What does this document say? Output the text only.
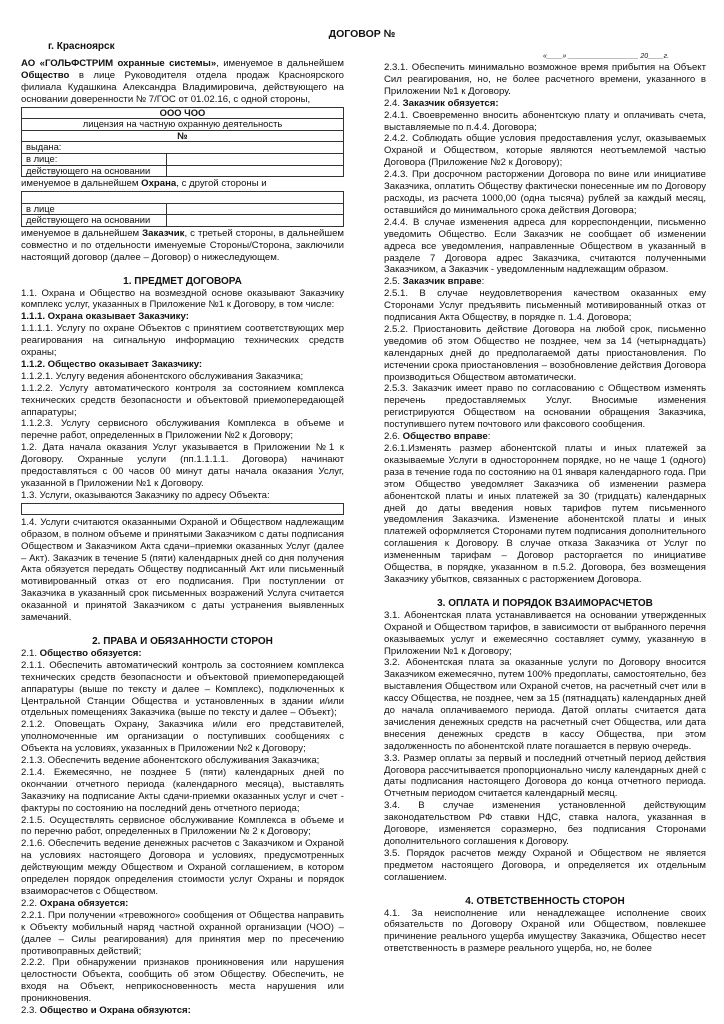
ДОГОВОР №
г. Красноярск
«____» __________________ 20____г.

АО «ГОЛЬФСТРИМ охранные системы», именуемое в дальнейшем Общество в лице Руководителя отдела продаж Красноярского филиала Кудашкина Александра Владимировича, действующего на основании доверенности № 7/ГОС от 01.02.16, с одной стороны,

ООО ЧОО	
лицензия на частную охранную деятельность	
№	
выдана:	
в лице:	
действующего на основании	

именуемое в дальнейшем Охрана, с другой стороны и

в лице	
действующего на основании	

именуемое в дальнейшем Заказчик, с третьей стороны, в дальнейшем совместно и по отдельности именуемые Стороны/Сторона, заключили настоящий договор (далее – Договор) о нижеследующем.

1. ПРЕДМЕТ ДОГОВОРА

1.1. Охрана и Общество на возмездной основе оказывают Заказчику комплекс услуг, указанных в Приложение №1 к Договору, в том числе:

1.1.1. Охрана оказывает Заказчику:

1.1.1.1. Услугу по охране Объектов с принятием соответствующих мер реагирования на сигнальную информацию технических средств охраны;

1.1.2. Общество оказывает Заказчику:

1.1.2.1. Услугу ведения абонентского обслуживания Заказчика;

1.1.2.2. Услугу автоматического контроля за состоянием комплекса технических средств безопасности и объектовой приемопередающей аппаратуры;

1.1.2.3. Услугу сервисного обслуживания Комплекса в объеме и перечне работ, определенных в Приложении №2 к Договору;

1.2. Дата начала оказания Услуг указывается в Приложении №1 к Договору. Охранные услуги (пп.1.1.1.1. Договора) начинают предоставляться с 00 часов 00 минут даты начала оказания Услуг, указанной в Приложении №1 к Договору.

1.3. Услуги, оказываются Заказчику по адресу Объекта:

1.4. Услуги считаются оказанными Охраной и Обществом надлежащим образом, в полном объеме и принятыми Заказчиком с даты подписания Обществом и Заказчиком Акта сдачи–приемки оказанных Услуг (далее – Акт). Заказчик в течение 5 (пяти) календарных дней со дня получения Акта обязуется передать Обществу подписанный Акт или письменный мотивированный отказ от его подписания. При поступлении от Заказчика в указанный срок письменных возражений Услуга считается оказанной и принятой Заказчиком с даты устранения выявленных замечаний.

2. ПРАВА И ОБЯЗАННОСТИ СТОРОН

2.1. Общество обязуется:

2.1.1. Обеспечить автоматический контроль за состоянием комплекса технических средств безопасности и объектовой приемопередающей аппаратуры (выше по тексту и далее – Комплекс), подключенных к Центральной Станции Общества и установленных в здании и/или отдельных помещениях Заказчика (выше по тексту и далее – Объект);

2.1.2. Оповещать Охрану, Заказчика и/или его представителей, уполномоченные им организации о поступивших сообщениях с Объекта на условиях, указанных в Приложении №2 к Договору;

2.1.3. Обеспечить ведение абонентского обслуживания Заказчика;

2.1.4. Ежемесячно, не позднее 5 (пяти) календарных дней по окончании отчетного периода (календарного месяца), выставлять Заказчику на подписание Акты сдачи-приемки оказанных услуг и счет - фактуры по состоянию на последний день отчетного периода;

2.1.5. Осуществлять сервисное обслуживание Комплекса в объеме и по перечню работ, определенных в Приложении № 2 к Договору;

2.1.6. Обеспечить ведение денежных расчетов с Заказчиком и Охраной на условиях настоящего Договора и условиях, предусмотренных действующим между Обществом и Охраной соглашением, в котором определен порядок определения стоимости услуг Охраны и порядок взаиморасчетов с Обществом.

2.2. Охрана обязуется:

2.2.1. При получении «тревожного» сообщения от Общества направить к Объекту мобильный наряд частной охранной организации (ЧОО) – (далее – Силы реагирования) для принятия мер по пресечению противоправных действий;

2.2.2. При обнаружении признаков проникновения или нарушения целостности Объекта, сообщить об этом Обществу. Обеспечить, не входя на Объект, неприкосновенность места нарушения или проникновения.

2.3. Общество и Охрана обязуются:

2.3.1. Обеспечить минимально возможное время прибытия на Объект Сил реагирования, но, не более расчетного времени, указанного в Приложении №1 к Договору.

2.4. Заказчик обязуется:

2.4.1. Своевременно вносить абонентскую плату и оплачивать счета, выставляемые по п.4.4. Договора;

2.4.2. Соблюдать общие условия предоставления услуг, оказываемых Охраной и Обществом, которые являются неотъемлемой частью Договора (Приложение №2 к Договору);

2.4.3. При досрочном расторжении Договора по вине или инициативе Заказчика, оплатить Обществу фактически понесенные им по Договору расходы, из расчета 1000,00 (одна тысяча) рублей за каждый месяц, оставшийся до минимального срока действия Договора;

2.4.4. В случае изменения адреса для корреспонденции, письменно уведомить Общество. Если Заказчик не сообщает об изменении адреса все уведомления, направленные Обществом в указанный в разделе 7 Договора адрес Заказчика, считаются полученными Заказчиком, а Заказчик - уведомленным надлежащим образом.

2.5. Заказчик вправе:

2.5.1. В случае неудовлетворения качеством оказанных ему Сторонами Услуг предъявить письменный мотивированный отказ от подписания Акта Обществу, в порядке п. 1.4. Договора;

2.5.2. Приостановить действие Договора на любой срок, письменно уведомив об этом Общество не позднее, чем за 14 (четырнадцать) календарных дней до предполагаемой даты приостановления. По истечении срока приостановления – возобновление действия Договора производиться Обществом автоматически.

2.5.3. Заказчик имеет право по согласованию с Обществом изменять перечень предоставляемых Услуг. Вносимые изменения регистрируются Обществом на основании обращения Заказчика, поступившего путем почтового или факсового сообщения.

2.6. Общество вправе:

2.6.1.Изменять размер абонентской платы и иных платежей за оказываемые Услуги в одностороннем порядке, но не чаще 1 (одного) раза в течение года по состоянию на 01 января календарного года. При этом Общество уведомляет Заказчика об изменении размера абонентской платы и иных платежей за 30 (тридцать) календарных дней до даты введения новых тарифов путем письменного уведомления Заказчика. Изменение абонентской платы и иных платежей оформляется Сторонами путем подписания дополнительного соглашения к Договору. В случае отказа Заказчика от Услуг по измененным тарифам – Договор расторгается по инициативе Общества, в порядке, указанном в п.5.2. Договора, без возмещения Заказчику убытков, связанных с расторжением Договора.

3. ОПЛАТА И ПОРЯДОК ВЗАИМОРАСЧЕТОВ

3.1. Абонентская плата устанавливается на основании утвержденных Охраной и Обществом тарифов, в зависимости от выбранного перечня оказываемых услуг и ежемесячно составляет сумму, указанную в Приложении №1 к Договору;

3.2. Абонентская плата за оказанные услуги по Договору вносится Заказчиком ежемесячно, путем 100% предоплаты, самостоятельно, без выставления Обществом или Охраной счетов, на расчетный счет или в кассу Общества, не позднее, чем за 15 (пятнадцать) календарных дней до начала оплачиваемого периода. Датой оплаты считается дата зачисления денежных средств на расчетный счет Общества, или дата внесения денежных средств в кассу Общества, при этом задолженность по абонентской плате погашается в первую очередь.

3.3. Размер оплаты за первый и последний отчетный период действия Договора рассчитывается пропорционально числу календарных дней с даты подписания настоящего Договора до конца отчетного периода. Отчетным периодом считается календарный месяц.

3.4. В случае изменения установленной действующим законодательством РФ ставки НДС, ставка налога, указанная в Договоре, изменяется соразмерно, без подписания Сторонами дополнительного соглашения к Договору.

3.5. Порядок расчетов между Охраной и Обществом не является предметом настоящего Договора, и определяется их отдельным соглашением.

4. ОТВЕТСТВЕННОСТЬ СТОРОН

4.1. За неисполнение или ненадлежащее исполнение своих обязательств по Договору Охраной или Обществом, повлекшее причинение реального ущерба имуществу Заказчика, Общество несет ответственность в размере реального ущерба, но, не более
